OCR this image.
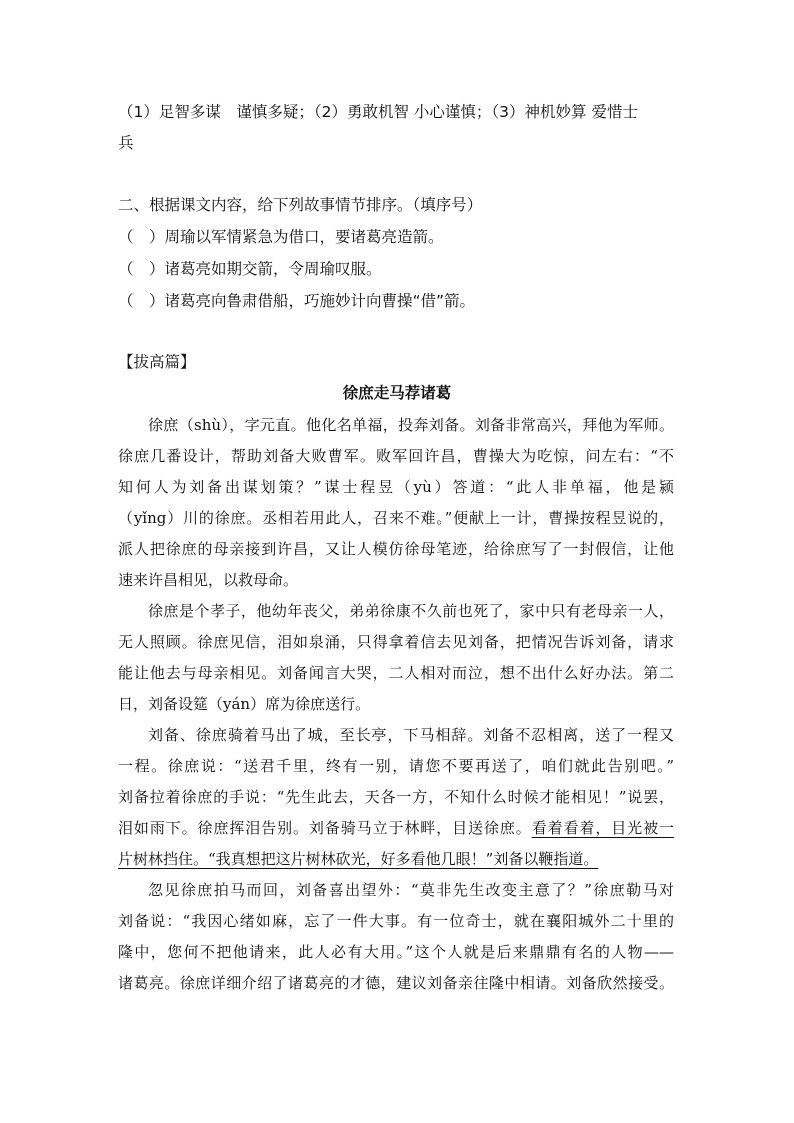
（1）足智多谋　谨慎多疑；（2）勇敢机智 小心谨慎；（3）神机妙算 爱惜士
兵
二、根据课文内容，给下列故事情节排序。（填序号）
（　）周瑜以军情紧急为借口，要诸葛亮造箭。
（　）诸葛亮如期交箭，令周瑜叹服。
（　）诸葛亮向鲁肃借船，巧施妙计向曹操“借”箭。
【拔高篇】
徐庶走马荐诸葛
徐庶（shù），字元直。他化名单福，投奔刘备。刘备非常高兴，拜他为军师。
徐庶几番设计，帮助刘备大败曹军。败军回许昌，曹操大为吃惊，问左右：“不
知何人为刘备出谋划策？”谋士程昱（yù）答道：“此人非单福，他是颍
（yǐng）川的徐庶。丞相若用此人，召来不难。”便献上一计，曹操按程昱说的，
派人把徐庶的母亲接到许昌，又让人模仿徐母笔迹，给徐庶写了一封假信，让他
速来许昌相见，以救母命。
徐庶是个孝子，他幼年丧父，弟弟徐康不久前也死了，家中只有老母亲一人，
无人照顾。徐庶见信，泪如泉涌，只得拿着信去见刘备，把情况告诉刘备，请求
能让他去与母亲相见。刘备闻言大哭，二人相对而泣，想不出什么好办法。第二
日，刘备设筵（yán）席为徐庶送行。
刘备、徐庶骑着马出了城，至长亭，下马相辞。刘备不忍相离，送了一程又
一程。徐庶说：“送君千里，终有一别，请您不要再送了，咱们就此告别吧。”
刘备拉着徐庶的手说：“先生此去，天各一方，不知什么时候才能相见！”说罢，
泪如雨下。徐庶挥泪告别。刘备骑马立于林畔，目送徐庶。看着看着，目光被一
片树林挡住。“我真想把这片树林砍光，好多看他几眼！”刘备以鞭指道。
忽见徐庶拍马而回，刘备喜出望外：“莫非先生改变主意了？”徐庶勒马对
刘备说：“我因心绪如麻，忘了一件大事。有一位奇士，就在襄阳城外二十里的
隆中，您何不把他请来，此人必有大用。”这个人就是后来鼎鼎有名的人物——
诸葛亮。徐庶详细介绍了诸葛亮的才德，建议刘备亲往隆中相请。刘备欣然接受。
